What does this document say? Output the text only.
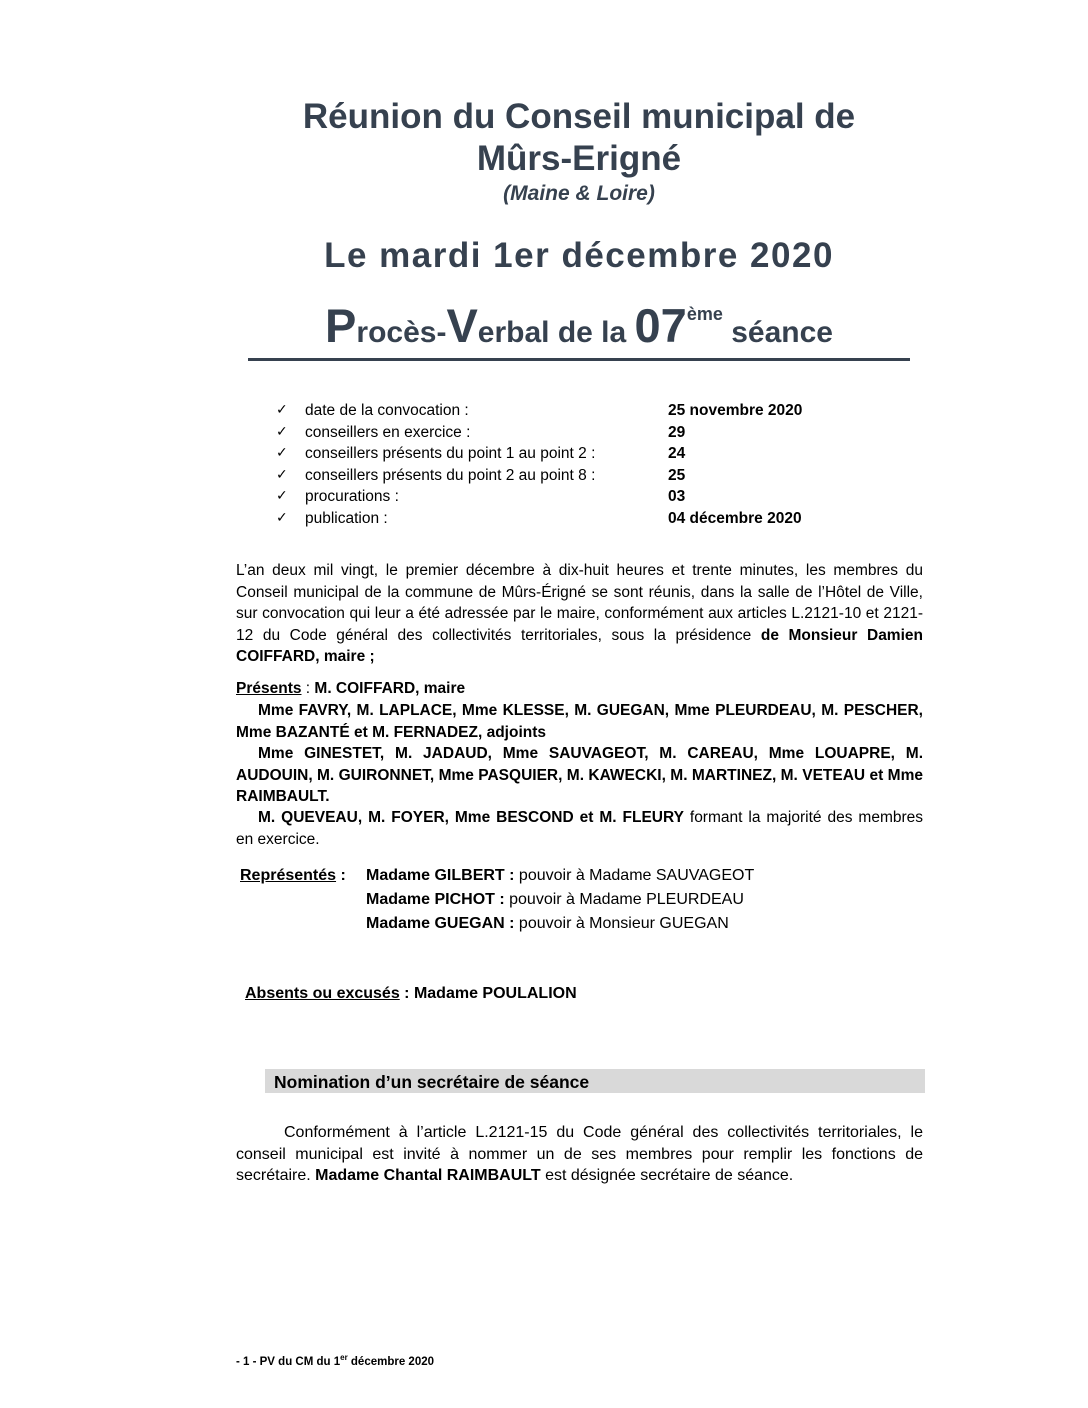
Réunion du Conseil municipal de
Mûrs-Erigné
(Maine & Loire)
Le mardi 1er décembre 2020
Procès-Verbal de la 07ème séance
✓ date de la convocation :	25 novembre 2020
✓ conseillers en exercice :	29
✓ conseillers présents du point 1 au point 2 :	24
✓ conseillers présents du point 2 au point 8 :	25
✓ procurations :	03
✓ publication :	04 décembre 2020

L’an deux mil vingt, le premier décembre à dix-huit heures et trente minutes, les membres du Conseil municipal de la commune de Mûrs-Érigné se sont réunis, dans la salle de l’Hôtel de Ville, sur convocation qui leur a été adressée par le maire, conformément aux articles L.2121-10 et 2121-12 du Code général des collectivités territoriales, sous la présidence de Monsieur Damien COIFFARD, maire ;

Présents : M. COIFFARD, maire

Mme FAVRY, M. LAPLACE, Mme KLESSE, M. GUEGAN, Mme PLEURDEAU, M. PESCHER, Mme BAZANTÉ et M. FERNADEZ, adjoints

Mme GINESTET, M. JADAUD, Mme SAUVAGEOT, M. CAREAU, Mme LOUAPRE, M. AUDOUIN, M. GUIRONNET, Mme PASQUIER, M. KAWECKI, M. MARTINEZ, M. VETEAU et Mme RAIMBAULT.

M. QUEVEAU, M. FOYER, Mme BESCOND et M. FLEURY formant la majorité des membres en exercice.

Représentés : Madame GILBERT : pouvoir à Madame SAUVAGEOT
Madame PICHOT : pouvoir à Madame PLEURDEAU
Madame GUEGAN : pouvoir à Monsieur GUEGAN
Absents ou excusés : Madame POULALION
Nomination d’un secrétaire de séance

Conformément à l’article L.2121-15 du Code général des collectivités territoriales, le conseil municipal est invité à nommer un de ses membres pour remplir les fonctions de secrétaire. Madame Chantal RAIMBAULT est désignée secrétaire de séance.

- 1 - PV du CM du 1er décembre 2020
